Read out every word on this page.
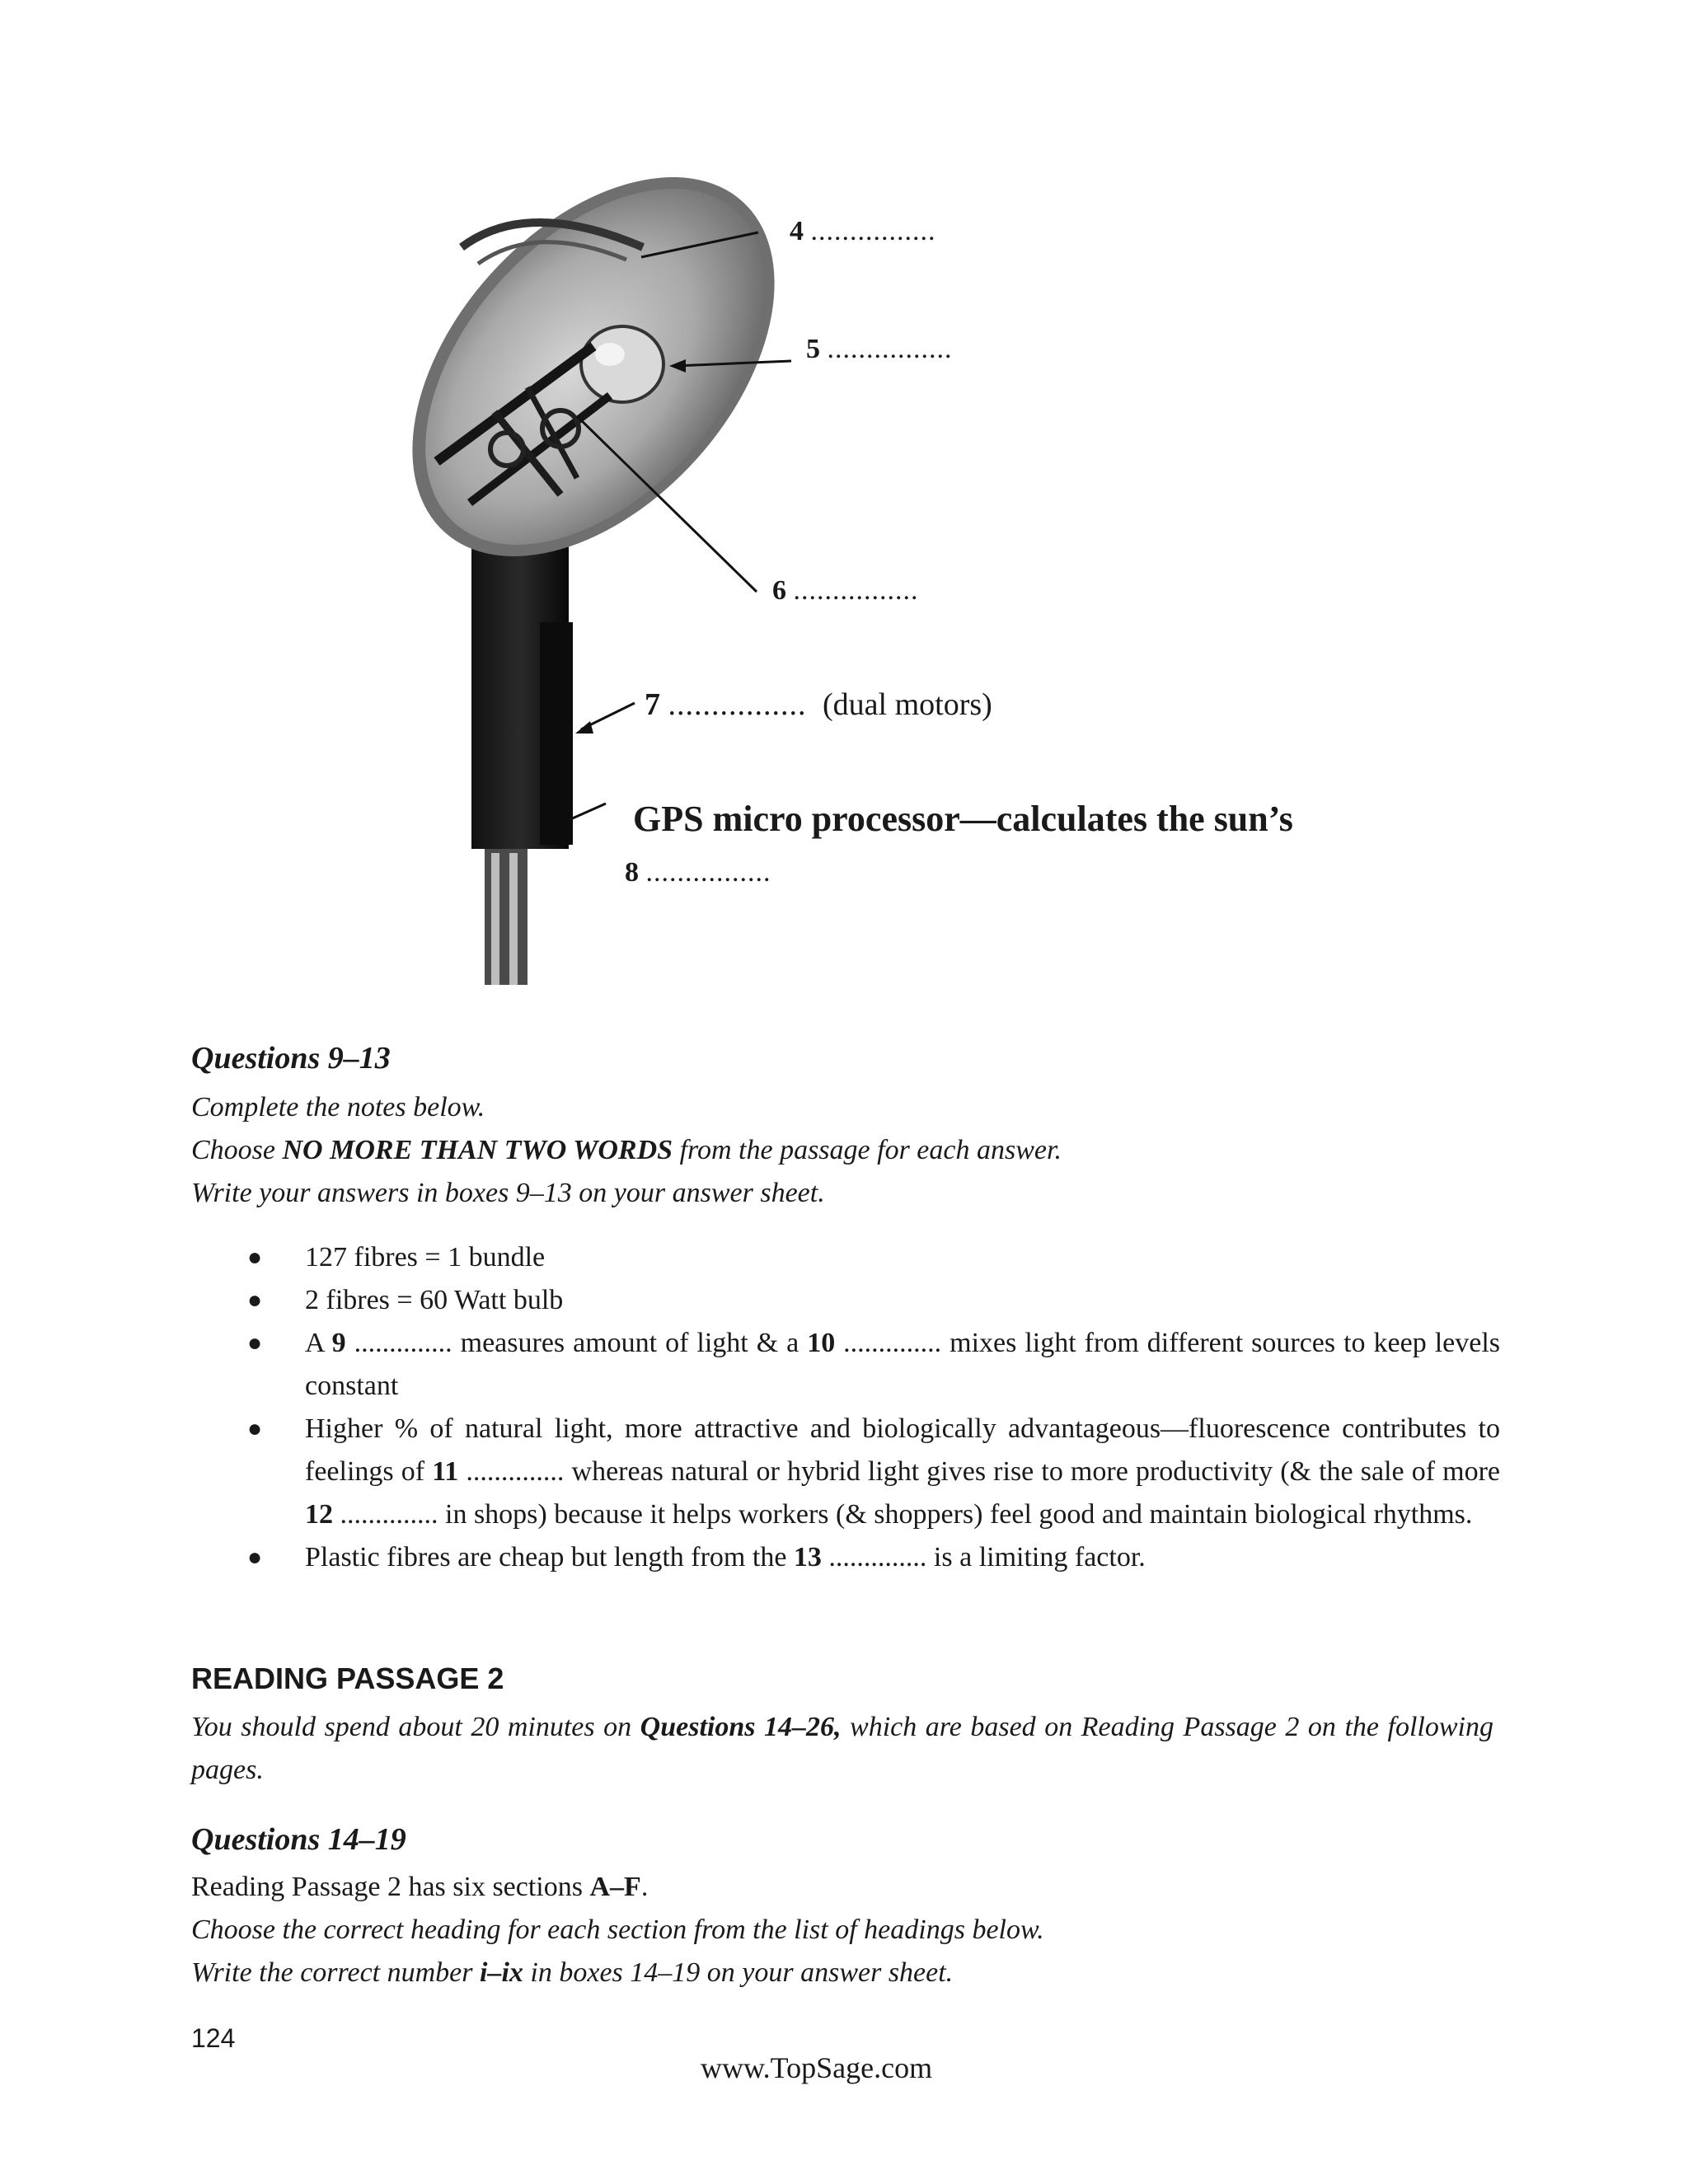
4 ................
5 ................
6 ................
7 ................ (dual motors)
GPS micro processor—calculates the sun’s
8 ................
Questions 9–13
Complete the notes below.
Choose NO MORE THAN TWO WORDS from the passage for each answer.
Write your answers in boxes 9–13 on your answer sheet.
● 127 fibres = 1 bundle
● 2 fibres = 60 Watt bulb
● A 9 .............. measures amount of light & a 10 .............. mixes light from different sources to keep levels constant
● Higher % of natural light, more attractive and biologically advantageous—fluorescence contributes to feelings of 11 .............. whereas natural or hybrid light gives rise to more productivity (& the sale of more 12 .............. in shops) because it helps workers (& shoppers) feel good and maintain biological rhythms.
● Plastic fibres are cheap but length from the 13 .............. is a limiting factor.
READING PASSAGE 2
You should spend about 20 minutes on Questions 14–26, which are based on Reading Passage 2 on the following pages.
Questions 14–19
Reading Passage 2 has six sections A–F.
Choose the correct heading for each section from the list of headings below.
Write the correct number i–ix in boxes 14–19 on your answer sheet.
124
www.TopSage.com
